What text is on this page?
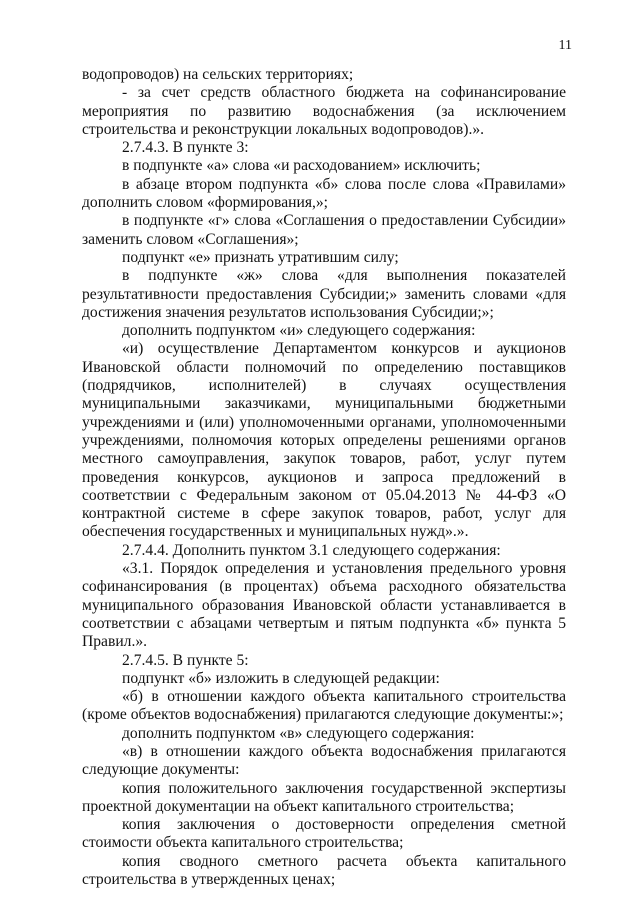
11

водопроводов) на сельских территориях;

- за счет средств областного бюджета на софинансирование мероприятия по развитию водоснабжения (за исключением строительства и реконструкции локальных водопроводов).».

2.7.4.3. В пункте 3:

в подпункте «а» слова «и расходованием» исключить;

в абзаце втором подпункта «б» слова после слова «Правилами» дополнить словом «формирования,»;

в подпункте «г» слова «Соглашения о предоставлении Субсидии» заменить словом «Соглашения»;

подпункт «е» признать утратившим силу;

в подпункте «ж» слова «для выполнения показателей результативности предоставления Субсидии;» заменить словами «для достижения значения результатов использования Субсидии;»;

дополнить подпунктом «и» следующего содержания:

«и) осуществление Департаментом конкурсов и аукционов Ивановской области полномочий по определению поставщиков (подрядчиков, исполнителей) в случаях осуществления муниципальными заказчиками, муниципальными бюджетными учреждениями и (или) уполномоченными органами, уполномоченными учреждениями, полномочия которых определены решениями органов местного самоуправления, закупок товаров, работ, услуг путем проведения конкурсов, аукционов и запроса предложений в соответствии с Федеральным законом от 05.04.2013 № 44-ФЗ «О контрактной системе в сфере закупок товаров, работ, услуг для обеспечения государственных и муниципальных нужд».».

2.7.4.4. Дополнить пунктом 3.1 следующего содержания:

«3.1. Порядок определения и установления предельного уровня софинансирования (в процентах) объема расходного обязательства муниципального образования Ивановской области устанавливается в соответствии с абзацами четвертым и пятым подпункта «б» пункта 5 Правил.».

2.7.4.5. В пункте 5:

подпункт «б» изложить в следующей редакции:

«б) в отношении каждого объекта капитального строительства (кроме объектов водоснабжения) прилагаются следующие документы:»;

дополнить подпунктом «в» следующего содержания:

«в) в отношении каждого объекта водоснабжения прилагаются следующие документы:

копия положительного заключения государственной экспертизы проектной документации на объект капитального строительства;

копия заключения о достоверности определения сметной стоимости объекта капитального строительства;

копия сводного сметного расчета объекта капитального строительства в утвержденных ценах;
